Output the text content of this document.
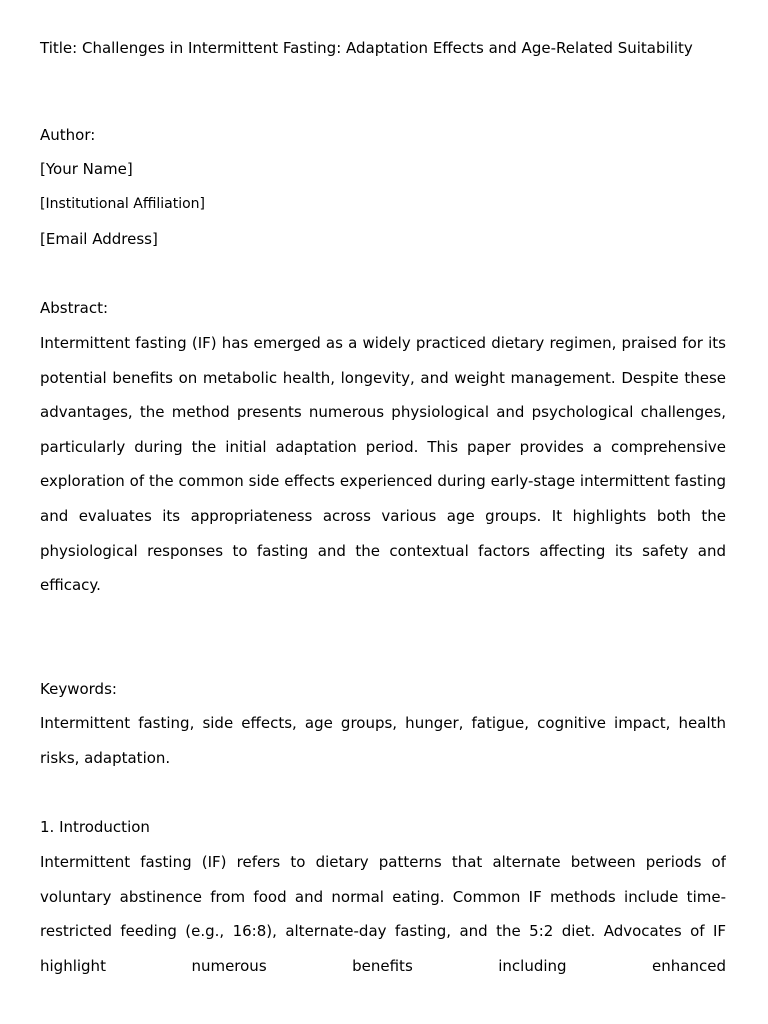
Title: Challenges in Intermittent Fasting: Adaptation Effects and Age-Related Suitability

Author:

[Your Name]

[Institutional Affiliation]

[Email Address]

Abstract:

Intermittent fasting (IF) has emerged as a widely practiced dietary regimen, praised for its potential benefits on metabolic health, longevity, and weight management. Despite these advantages, the method presents numerous physiological and psychological challenges, particularly during the initial adaptation period. This paper provides a comprehensive exploration of the common side effects experienced during early-stage intermittent fasting and evaluates its appropriateness across various age groups. It highlights both the physiological responses to fasting and the contextual factors affecting its safety and efficacy.

Keywords:

Intermittent fasting, side effects, age groups, hunger, fatigue, cognitive impact, health risks, adaptation.

1. Introduction

Intermittent fasting (IF) refers to dietary patterns that alternate between periods of voluntary abstinence from food and normal eating. Common IF methods include time-restricted feeding (e.g., 16:8), alternate-day fasting, and the 5:2 diet. Advocates of IF highlight numerous benefits including enhanced
